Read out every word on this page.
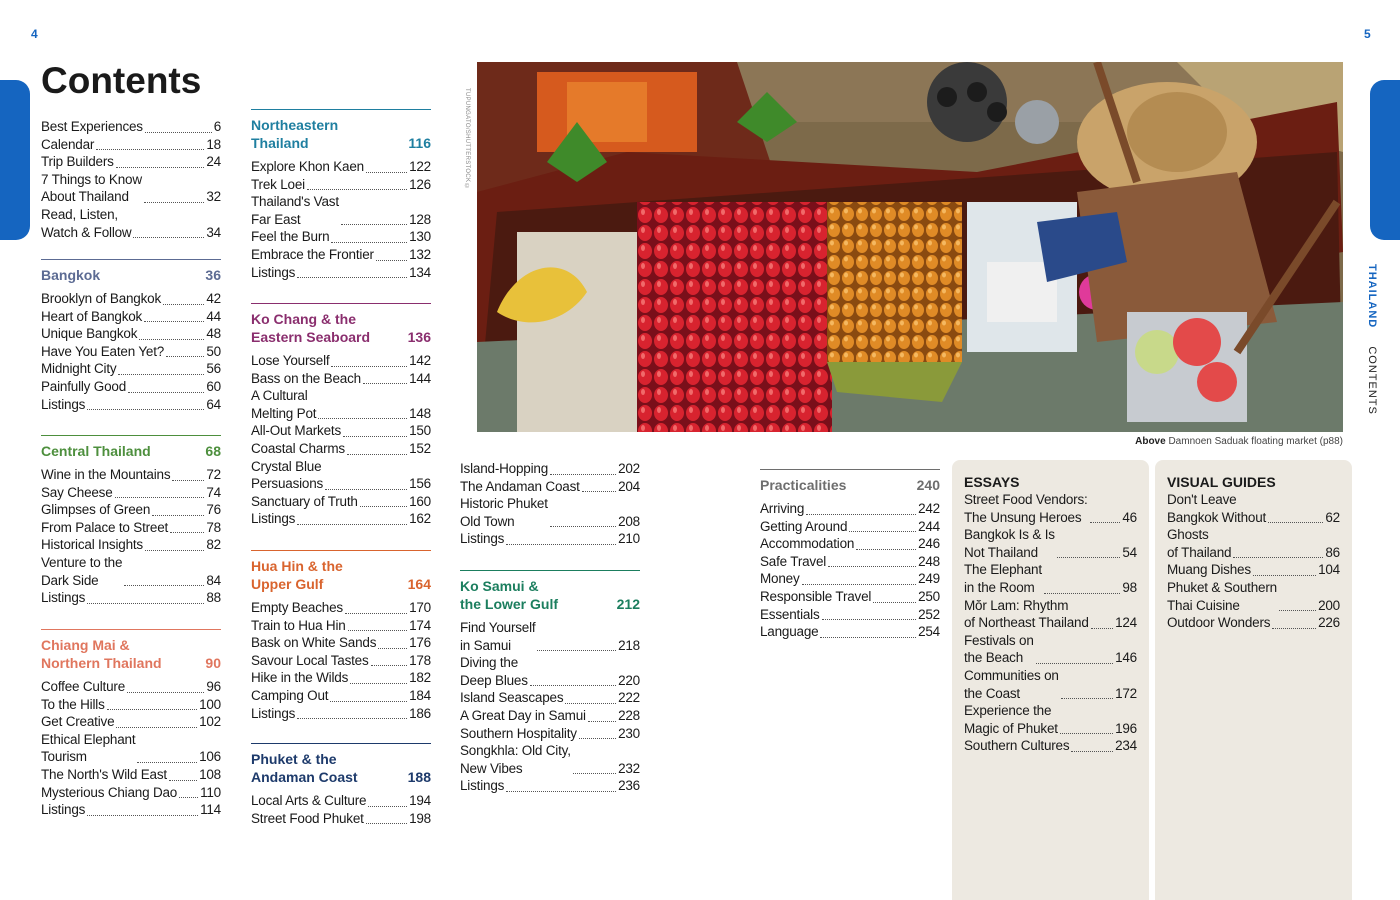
4	5
THAILAND  CONTENTS
Contents
Best Experiences	6
Calendar	18
Trip Builders	24
7 Things to Know
About Thailand	32
Read, Listen,
Watch & Follow	34
Bangkok	36
Brooklyn of Bangkok	42
Heart of Bangkok	44
Unique Bangkok	48
Have You Eaten Yet?	50
Midnight City	56
Painfully Good	60
Listings	64
Central Thailand	68
Wine in the Mountains	72
Say Cheese	74
Glimpses of Green	76
From Palace to Street	78
Historical Insights	82
Venture to the
Dark Side	84
Listings	88
Chiang Mai &
Northern Thailand	90
Coffee Culture	96
To the Hills	100
Get Creative	102
Ethical Elephant
Tourism	106
The North's Wild East 108
Mysterious Chiang Dao 110
Listings	114
Northeastern
Thailand	116
Explore Khon Kaen	122
Trek Loei	126
Thailand's Vast
Far East	128
Feel the Burn	130
Embrace the Frontier	132
Listings	134
Ko Chang & the
Eastern Seaboard	136
Lose Yourself	142
Bass on the Beach	144
A Cultural
Melting Pot	148
All-Out Markets	150
Coastal Charms	152
Crystal Blue
Persuasions	156
Sanctuary of Truth	160
Listings	162
Hua Hin & the
Upper Gulf	164
Empty Beaches	170
Train to Hua Hin	174
Bask on White Sands 176
Savour Local Tastes	178
Hike in the Wilds	182
Camping Out	184
Listings	186
Phuket & the
Andaman Coast	188
Local Arts & Culture	194
Street Food Phuket	198
Island-Hopping	202
The Andaman Coast	204
Historic Phuket
Old Town	208
Listings	210
Ko Samui &
the Lower Gulf	212
Find Yourself
in Samui	218
Diving the
Deep Blues	220
Island Seascapes	222
A Great Day in Samui 228
Southern Hospitality	230
Songkhla: Old City,
New Vibes	232
Listings	236
Practicalities	240
Arriving	242
Getting Around	244
Accommodation	246
Safe Travel	248
Money	249
Responsible Travel	250
Essentials	252
Language	254
ESSAYS
Street Food Vendors:
The Unsung Heroes	46
Bangkok Is & Is
Not Thailand	54
The Elephant
in the Room	98
Mŏr Lam: Rhythm
of Northeast Thailand 124
Festivals on
the Beach	146
Communities on
the Coast	172
Experience the
Magic of Phuket	196
Southern Cultures	234
VISUAL GUIDES
Don't Leave
Bangkok Without	62
Ghosts
of Thailand	86
Muang Dishes	104
Phuket & Southern
Thai Cuisine	200
Outdoor Wonders	226
TUPUNGATO/SHUTTERSTOCK ©
Above Damnoen Saduak floating market (p88)
